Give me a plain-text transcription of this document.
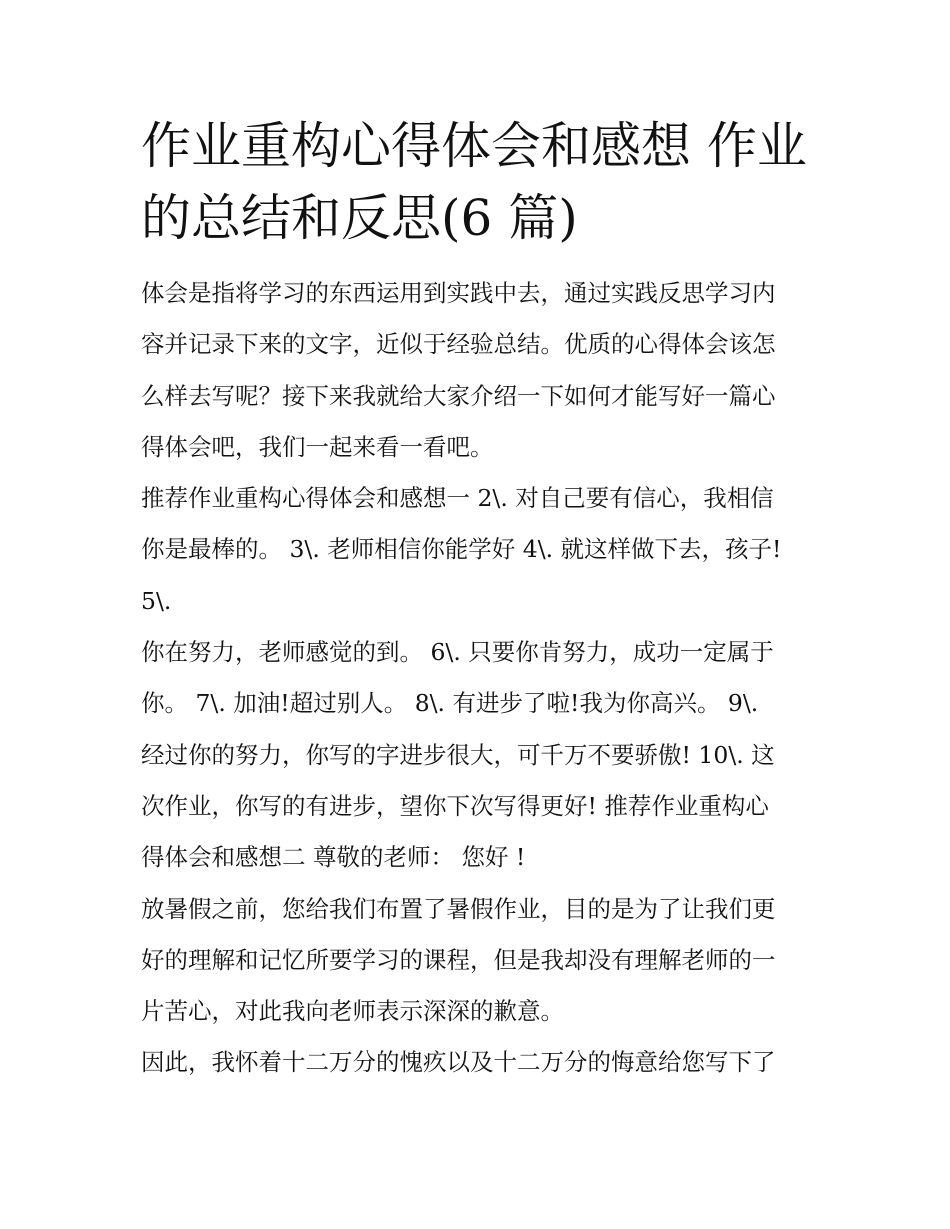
作业重构心得体会和感想 作业
的总结和反思(6 篇)

体会是指将学习的东西运用到实践中去，通过实践反思学习内
容并记录下来的文字，近似于经验总结。优质的心得体会该怎
么样去写呢？接下来我就给大家介绍一下如何才能写好一篇心
得体会吧，我们一起来看一看吧。

推荐作业重构心得体会和感想一 2\. 对自己要有信心，我相信
你是最棒的。 3\. 老师相信你能学好 4\. 就这样做下去，孩子!
5\.

你在努力，老师感觉的到。 6\. 只要你肯努力，成功一定属于
你。 7\. 加油!超过别人。 8\. 有进步了啦!我为你高兴。 9\.

经过你的努力，你写的字进步很大，可千万不要骄傲! 10\. 这
次作业，你写的有进步，望你下次写得更好! 推荐作业重构心
得体会和感想二 尊敬的老师： 您好 !

放暑假之前，您给我们布置了暑假作业，目的是为了让我们更
好的理解和记忆所要学习的课程，但是我却没有理解老师的一
片苦心，对此我向老师表示深深的歉意。

因此，我怀着十二万分的愧疚以及十二万分的悔意给您写下了
